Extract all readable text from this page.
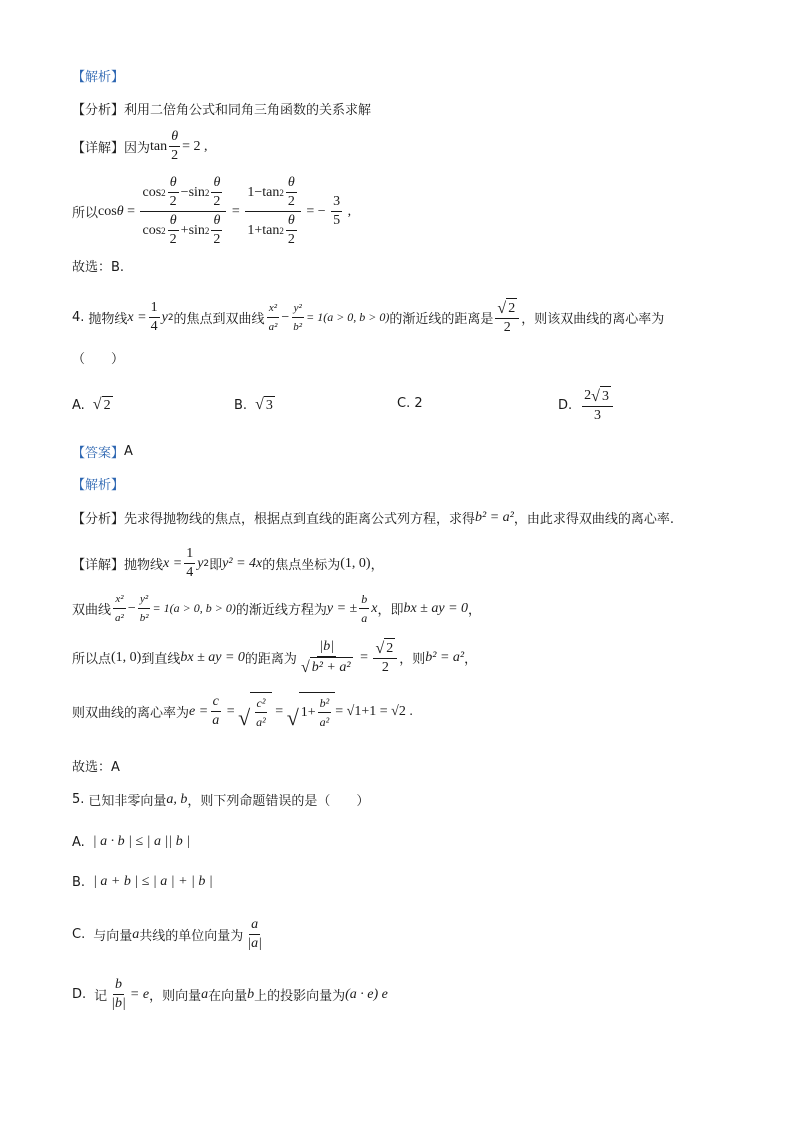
【解析】
【分析】 利用二倍角公式和同角三角函数的关系求解
【详解】 因为 $\tan \frac{\theta}{2} = 2$ ,
所以 $\cos \theta = \frac{\cos 2 \frac{\theta}{2} - \sin 2 \frac{\theta}{2}}{\cos 2 \frac{\theta}{2} + \sin 2 \frac{\theta}{2}} = \frac{1 - \tan 2 \frac{\theta}{2}}{1 + \tan 2 \frac{\theta}{2}}$ = − $\frac{3}{5}$ ,
故选：B.
4. 抛物线 $x = \frac{1}{4}$ y 2 的焦点到双曲线 $\frac{\text{x²}}{\text{a²}} - \frac{\text{y²}}{\text{b²}} = 1(a > 0$, b > 0) 的渐近线的距离是 $\frac{√ 2}{2}$ ，则该双曲线的离心率为
（　　）
A. √ 2	B. √ 3	C. 2	D. $\frac{2 √ 3}{3}$
【答案】 A
【解析】
【分析】 先求得抛物线的焦点，根据点到直线的距离公式列方程，求得 b² = a² ，由此求得双曲线的离心率.
【详解】 抛物线 $x = \frac{1}{4}$ y 2 即 y² = 4x 的焦点坐标为 (1, 0) ，
双曲线 $\frac{\text{x²}}{\text{a²}} - \frac{\text{y²}}{\text{b²}} = 1(a > 0$, b > 0) 的渐近线方程为 y = ± $\frac{b}{a}$ x ，即 bx ± ay = 0 ，
所以点 (1, 0) 到直线 bx ± ay = 0 的距离为 $\frac{|b|}{\text{√ b² + a²}} = \frac{√ 2}{2}$ ，则 b² = a² ，
则双曲线的离心率为 $e = \frac{c}{a}$ = √ $\frac{\text{c²}}{\text{a²}}$ = √ $1+ \frac{\text{b²}}{\text{a²}} = √1+1 = √2$ .
故选：A
5. 已知非零向量 a, b ，则下列命题错误的是（　　）
A. | a · b | ≤ | a || b |
B. | a + b | ≤ | a | + | b |
C. 与向量 a 共线的单位向量为 $\frac{a}{| a |}$
D. 记 $\frac{b}{| b |} = e$ ，则向量 a 在向量 b 上的投影向量为 (a · e) e
